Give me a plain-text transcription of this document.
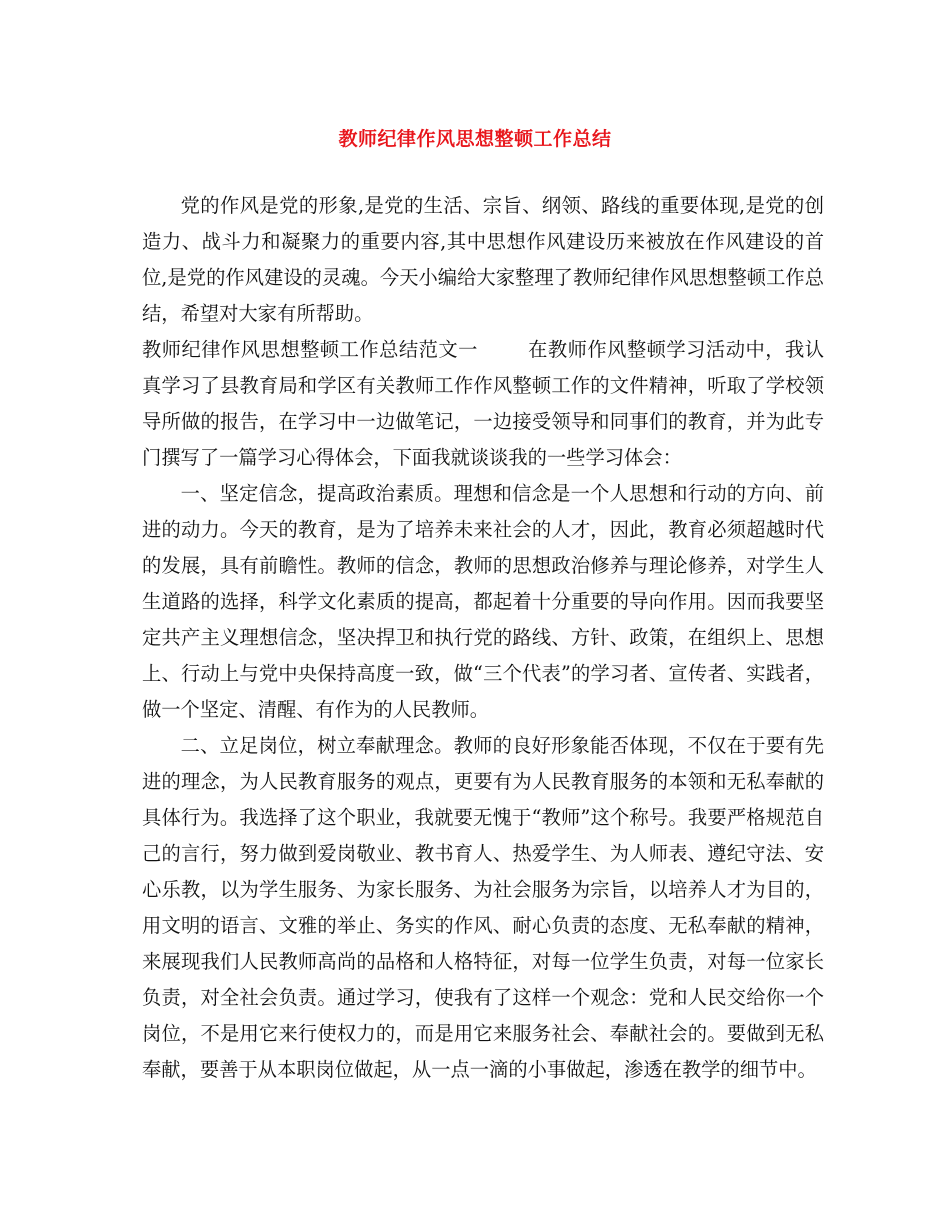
教师纪律作风思想整顿工作总结

党的作风是党的形象,是党的生活、宗旨、纲领、路线的重要体现,是党的创造力、战斗力和凝聚力的重要内容,其中思想作风建设历来被放在作风建设的首位,是党的作风建设的灵魂。今天小编给大家整理了教师纪律作风思想整顿工作总结，希望对大家有所帮助。

教师纪律作风思想整顿工作总结范文一	在教师作风整顿学习活动中，我认真学习了县教育局和学区有关教师工作作风整顿工作的文件精神，听取了学校领导所做的报告，在学习中一边做笔记，一边接受领导和同事们的教育，并为此专门撰写了一篇学习心得体会，下面我就谈谈我的一些学习体会：

一、坚定信念，提高政治素质。理想和信念是一个人思想和行动的方向、前进的动力。今天的教育，是为了培养未来社会的人才，因此，教育必须超越时代的发展，具有前瞻性。教师的信念，教师的思想政治修养与理论修养，对学生人生道路的选择，科学文化素质的提高，都起着十分重要的导向作用。因而我要坚定共产主义理想信念，坚决捍卫和执行党的路线、方针、政策，在组织上、思想上、行动上与党中央保持高度一致，做“三个代表”的学习者、宣传者、实践者，做一个坚定、清醒、有作为的人民教师。

二、立足岗位，树立奉献理念。教师的良好形象能否体现，不仅在于要有先进的理念，为人民教育服务的观点，更要有为人民教育服务的本领和无私奉献的具体行为。我选择了这个职业，我就要无愧于“教师”这个称号。我要严格规范自己的言行，努力做到爱岗敬业、教书育人、热爱学生、为人师表、遵纪守法、安心乐教，以为学生服务、为家长服务、为社会服务为宗旨，以培养人才为目的，用文明的语言、文雅的举止、务实的作风、耐心负责的态度、无私奉献的精神，来展现我们人民教师高尚的品格和人格特征，对每一位学生负责，对每一位家长负责，对全社会负责。通过学习，使我有了这样一个观念：党和人民交给你一个岗位，不是用它来行使权力的，而是用它来服务社会、奉献社会的。要做到无私奉献，要善于从本职岗位做起，从一点一滴的小事做起，渗透在教学的细节中。
